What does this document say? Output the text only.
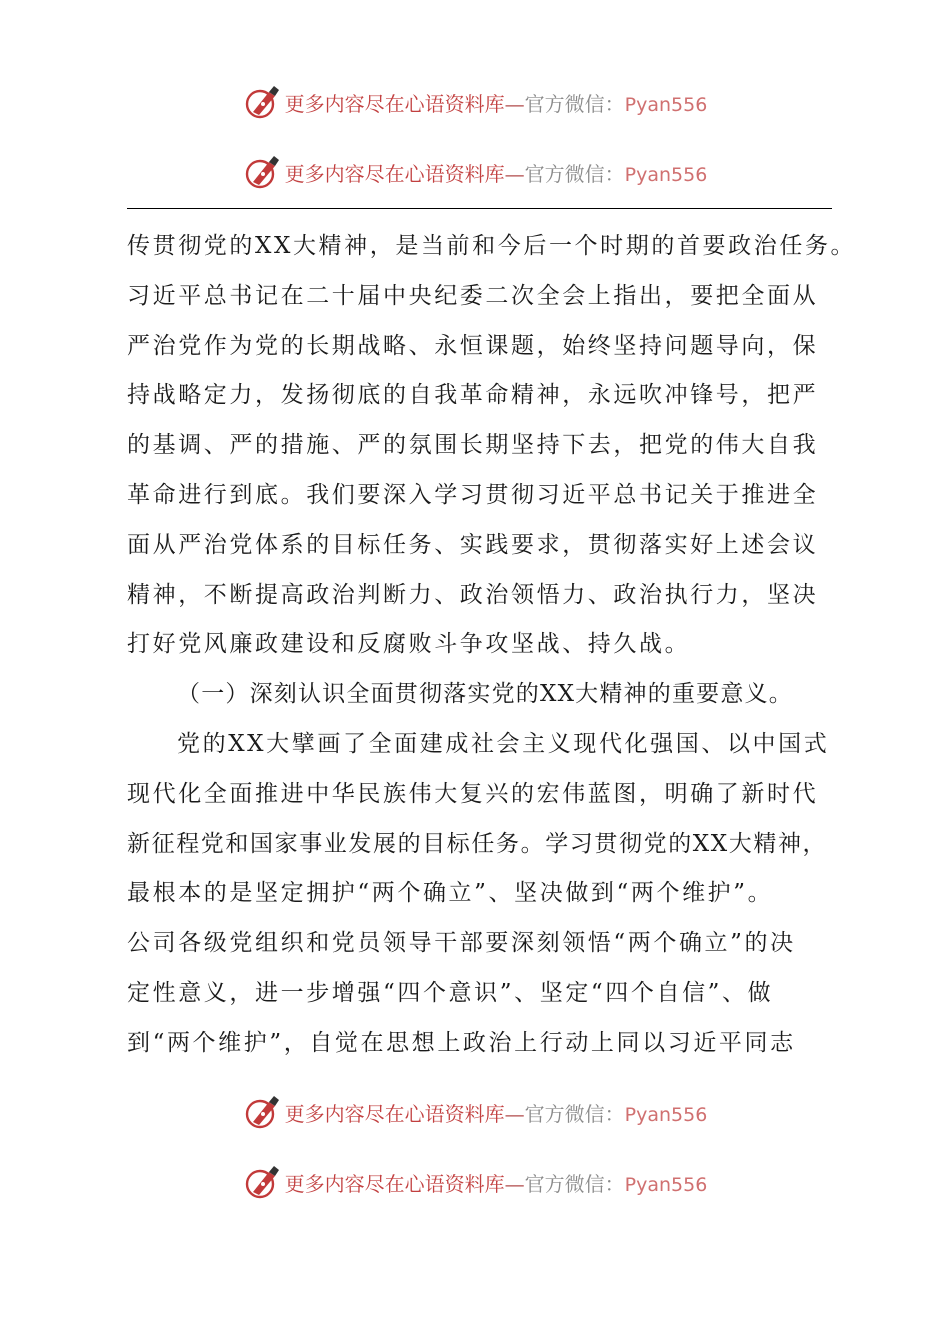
更多内容尽在心语资料库—官方微信：Pyan556
更多内容尽在心语资料库—官方微信：Pyan556
传贯彻党的XX大精神，是当前和今后一个时期的首要政治任务。
习近平总书记在二十届中央纪委二次全会上指出，要把全面从
严治党作为党的长期战略、永恒课题，始终坚持问题导向，保
持战略定力，发扬彻底的自我革命精神，永远吹冲锋号，把严
的基调、严的措施、严的氛围长期坚持下去，把党的伟大自我
革命进行到底。我们要深入学习贯彻习近平总书记关于推进全
面从严治党体系的目标任务、实践要求，贯彻落实好上述会议
精神，不断提高政治判断力、政治领悟力、政治执行力，坚决
打好党风廉政建设和反腐败斗争攻坚战、持久战。
（一）深刻认识全面贯彻落实党的XX大精神的重要意义。
党的XX大擘画了全面建成社会主义现代化强国、以中国式
现代化全面推进中华民族伟大复兴的宏伟蓝图，明确了新时代
新征程党和国家事业发展的目标任务。学习贯彻党的XX大精神，
最根本的是坚定拥护“两个确立”、坚决做到“两个维护”。
公司各级党组织和党员领导干部要深刻领悟“两个确立”的决
定性意义，进一步增强“四个意识”、坚定“四个自信”、做
到“两个维护”，自觉在思想上政治上行动上同以习近平同志
更多内容尽在心语资料库—官方微信：Pyan556
更多内容尽在心语资料库—官方微信：Pyan556
